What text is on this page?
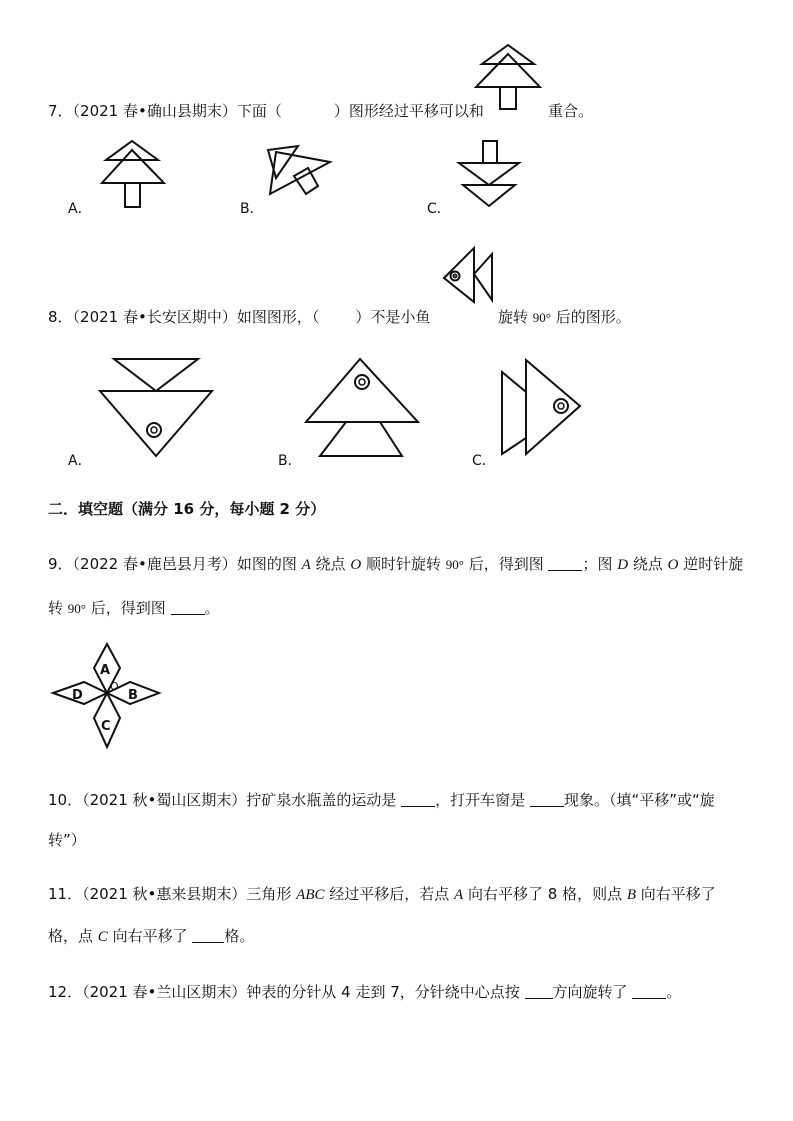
7．（2021 春•确山县期末）下面（	）图形经过平移可以和	重合。
A．	B．	C．
8．（2021 春•长安区期中）如图图形，（ ）不是小鱼	旋转 90° 后的图形。
A．	B．	C．
二．填空题（满分 16 分，每小题 2 分）
9．（2022 春•鹿邑县月考）如图的图 A 绕点 O 顺时针旋转 90° 后，得到图 ；图 D 绕点 O 逆时针旋
转 90° 后，得到图 。
A
B
C
D
O
10．（2021 秋•蜀山区期末）拧矿泉水瓶盖的运动是 ，打开车窗是 现象。（填“平移”或“旋
转”）
11．（2021 秋•惠来县期末）三角形 ABC 经过平移后，若点 A 向右平移了 8 格，则点 B 向右平移了
格，点 C 向右平移了 格。
12．（2021 春•兰山区期末）钟表的分针从 4 走到 7，分针绕中心点按 方向旋转了 。
